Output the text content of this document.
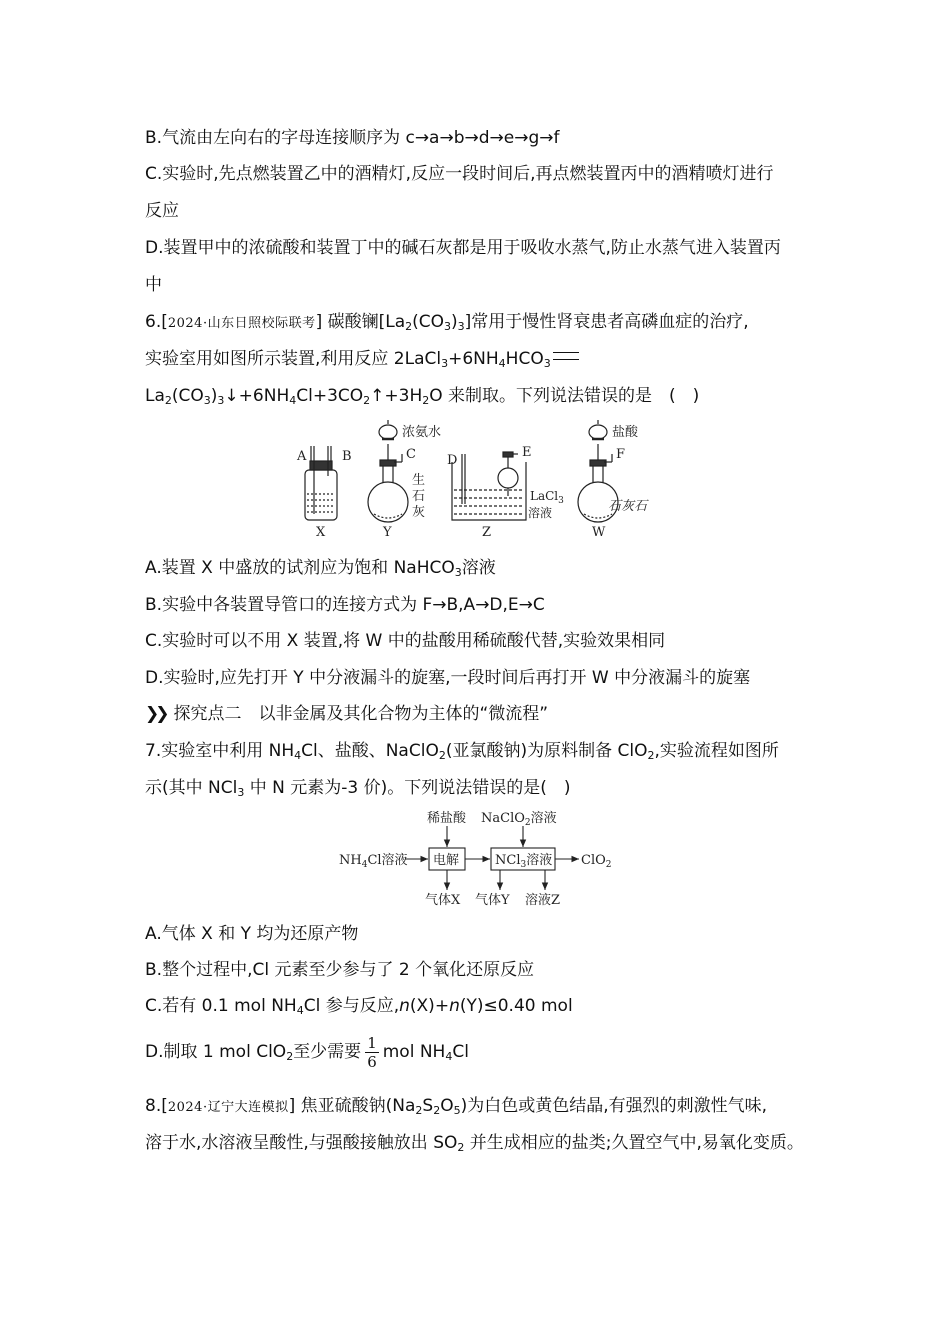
B.气流由左向右的字母连接顺序为 c→a→b→d→e→g→f
C.实验时,先点燃装置乙中的酒精灯,反应一段时间后,再点燃装置丙中的酒精喷灯进行
反应
D.装置甲中的浓硫酸和装置丁中的碱石灰都是用于吸收水蒸气,防止水蒸气进入装置丙
中
6.[2024·山东日照校际联考] 碳酸镧$[La_2(CO_3)_3]$常用于慢性肾衰患者高磷血症的治疗,
实验室用如图所示装置,利用反应 $2LaCl_3+6NH_4HCO_3$
$La_2(CO_3)_3↓+6NH_4Cl+3CO_2↑+3H_2O$ 来制取。下列说法错误的是　(　)
A	B
X
浓氨水
C
生
石
灰
Y
D
E
LaCl$_3$
溶液
Z
盐酸
F
石灰石
W
A.装置 X 中盛放的试剂应为饱和 NaHCO$_3$溶液
B.实验中各装置导管口的连接方式为 F→B,A→D,E→C
C.实验时可以不用 X 装置,将 W 中的盐酸用稀硫酸代替,实验效果相同
D.实验时,应先打开 Y 中分液漏斗的旋塞,一段时间后再打开 W 中分液漏斗的旋塞
❯❯ 探究点二　以非金属及其化合物为主体的“微流程”
7.实验室中利用 $NH_4Cl$、盐酸、NaClO$_2$(亚氯酸钠)为原料制备 ClO$_2$,实验流程如图所
示(其中 NCl$_3$ 中 N 元素为-3 价)。下列说法错误的是(　)
稀盐酸 NaClO$_2$溶液
$NH_4Cl$溶液 电解	NCl$_3$溶液 ClO$_2$
气体X 气体Y 溶液Z
A.气体 X 和 Y 均为还原产物
B.整个过程中,Cl 元素至少参与了 2 个氧化还原反应
C.若有 0.1 mol $NH_4Cl$ 参与反应,n(X)+n(Y)≤0.40 mol
D.制取 1 mol ClO$_2$至少需要 $\frac{1}{6}$ mol $NH_4Cl$
8.[2024·辽宁大连模拟] 焦亚硫酸钠$(Na_2S_2O_5)$为白色或黄色结晶,有强烈的刺激性气味,
溶于水,水溶液呈酸性,与强酸接触放出 $SO_2$ 并生成相应的盐类;久置空气中,易氧化变质。
